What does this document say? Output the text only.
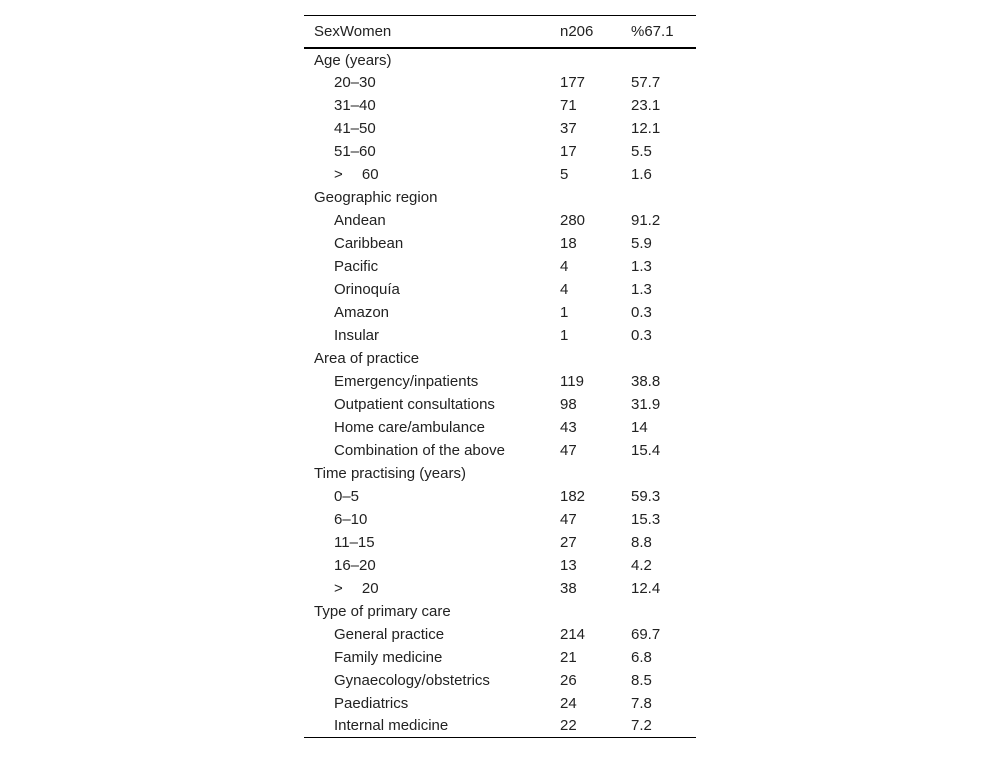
SexWomen	n206	%67.1
Age (years)		
20–30	177	57.7
31–40	71	23.1
41–50	37	12.1
51–60	17	5.5
>  60	5	1.6
Geographic region		
Andean	280	91.2
Caribbean	18	5.9
Pacific	4	1.3
Orinoquía	4	1.3
Amazon	1	0.3
Insular	1	0.3
Area of practice		
Emergency/inpatients	119	38.8
Outpatient consultations	98	31.9
Home care/ambulance	43	14
Combination of the above	47	15.4
Time practising (years)		
0–5	182	59.3
6–10	47	15.3
11–15	27	8.8
16–20	13	4.2
>  20	38	12.4
Type of primary care		
General practice	214	69.7
Family medicine	21	6.8
Gynaecology/obstetrics	26	8.5
Paediatrics	24	7.8
Internal medicine	22	7.2
